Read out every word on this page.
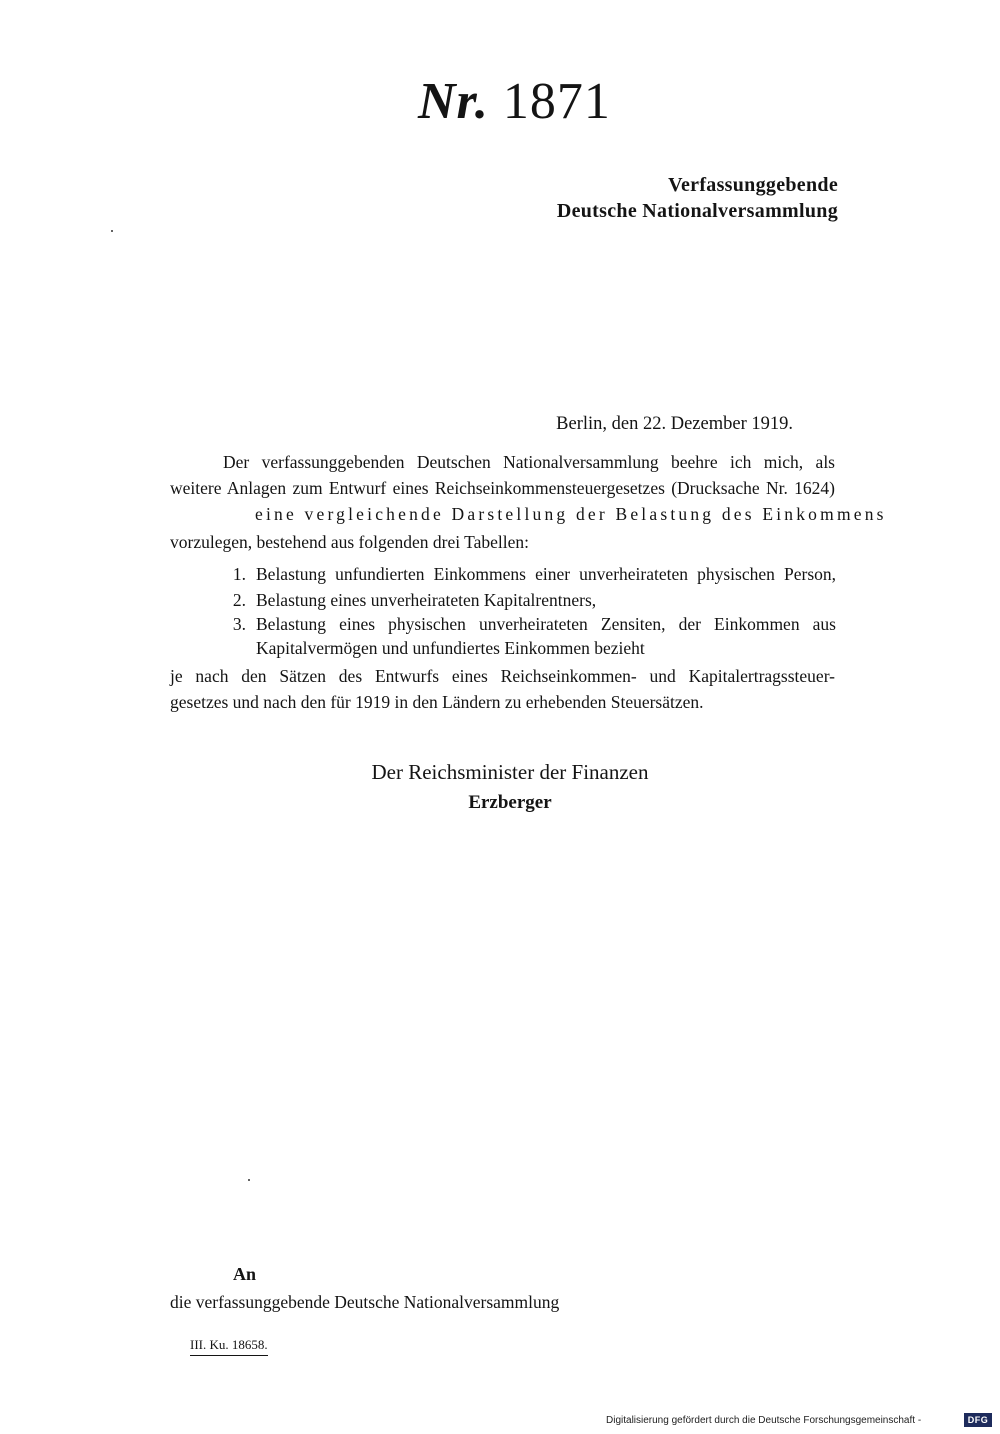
Nr. 1871
Verfassunggebende
Deutsche Nationalversammlung
Berlin, den 22. Dezember 1919.
Der verfassunggebenden Deutschen Nationalversammlung beehre ich mich, als
weitere Anlagen zum Entwurf eines Reichseinkommensteuergesetzes (Drucksache Nr. 1624)
eine vergleichende Darstellung der Belastung des Einkommens
vorzulegen, bestehend aus folgenden drei Tabellen:
1. Belastung unfundierten Einkommens einer unverheirateten physischen Person,
2. Belastung eines unverheirateten Kapitalrentners,
3. Belastung eines physischen unverheirateten Zensiten, der Einkommen aus
Kapitalvermögen und unfundiertes Einkommen bezieht
je nach den Sätzen des Entwurfs eines Reichseinkommen- und Kapitalertragssteuer-
gesetzes und nach den für 1919 in den Ländern zu erhebenden Steuersätzen.
Der Reichsminister der Finanzen
Erzberger
An
die verfassunggebende Deutsche Nationalversammlung
III. Ku. 18658.
Digitalisierung gefördert durch die Deutsche Forschungsgemeinschaft -	DFG
